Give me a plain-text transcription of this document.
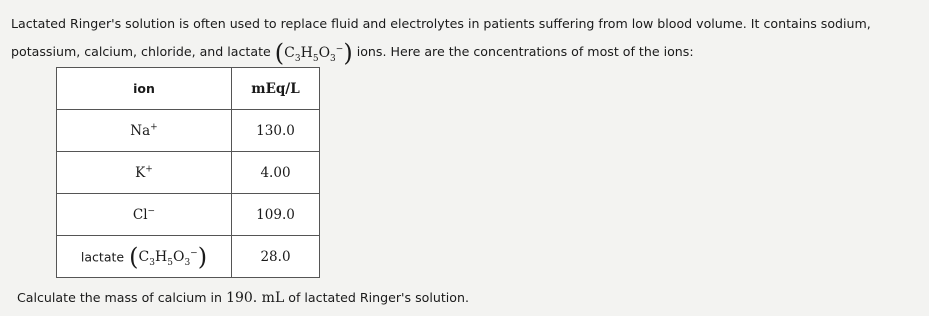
Lactated Ringer's solution is often used to replace fluid and electrolytes in patients suffering from low blood volume. It contains sodium, potassium, calcium, chloride, and lactate $(C_3H_5O_3^-)$ ions. Here are the concentrations of most of the ions:

ion	mEq/L
Na+	130.0
K+	4.00
Cl−	109.0
lactate $(C_3H_5O_3^-)$	28.0

Calculate the mass of calcium in 190. mL of lactated Ringer's solution.
